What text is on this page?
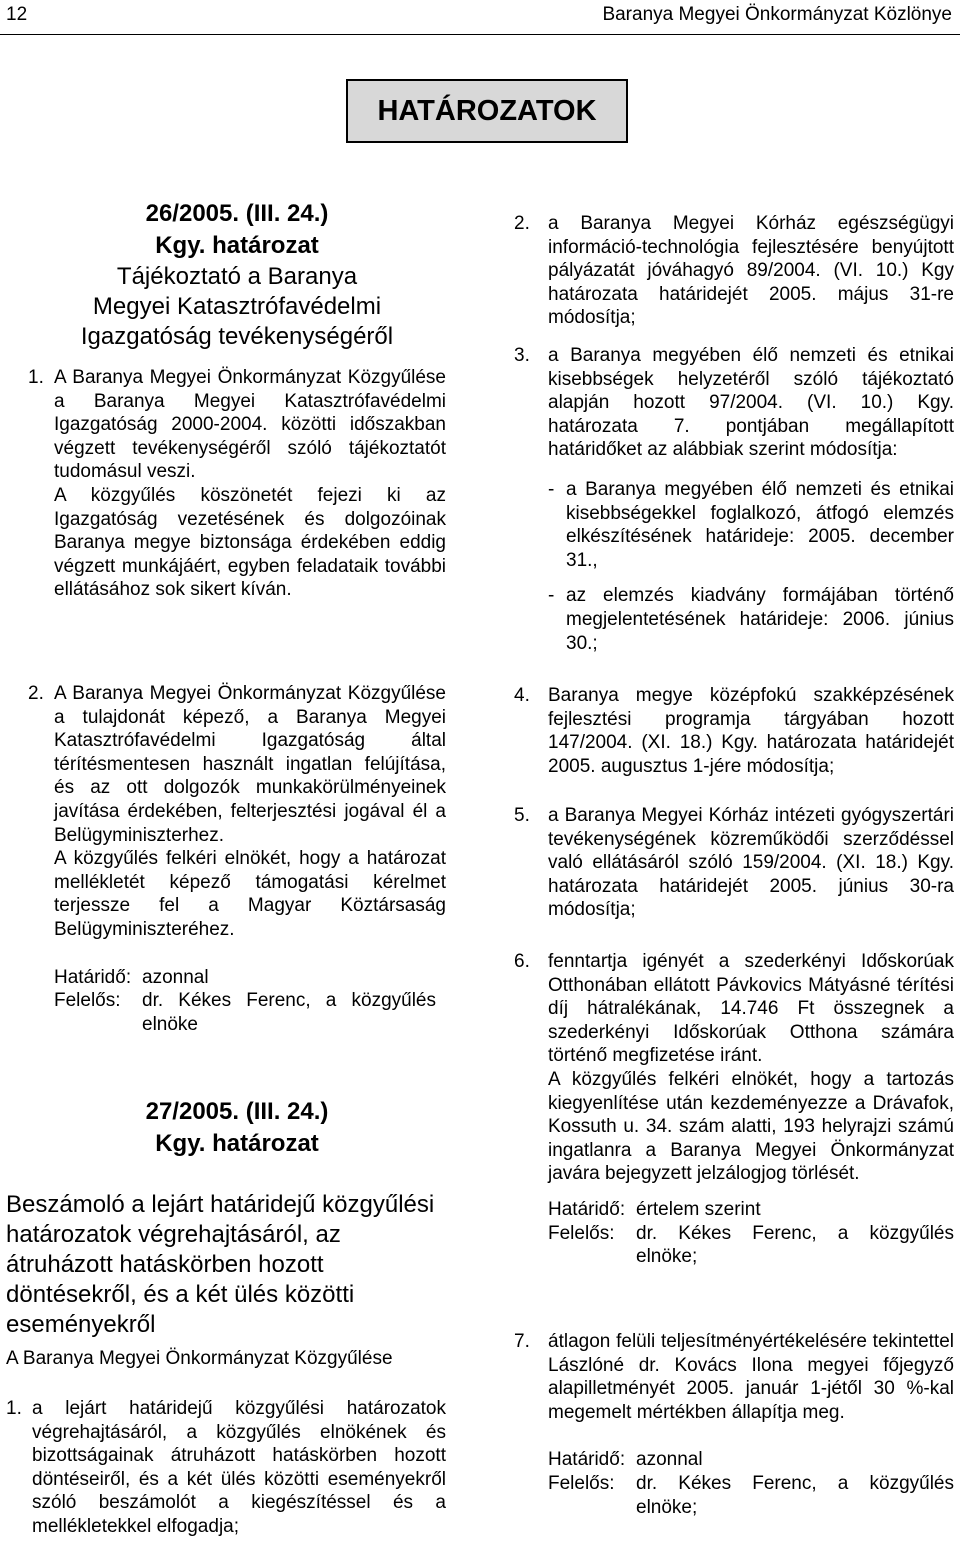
12	Baranya Megyei Önkormányzat Közlönye
HATÁROZATOK
26/2005. (III. 24.)
Kgy. határozat
Tájékoztató a Baranya Megyei Katasztrófavédelmi Igazgatóság tevékenységéről
1. A Baranya Megyei Önkormányzat Közgyűlése a Baranya Megyei Katasztrófavédelmi Igazgatóság 2000-2004. közötti időszakban végzett tevékenységéről szóló tájékoztatót tudomásul veszi.

A közgyűlés köszönetét fejezi ki az Igazgatóság vezetésének és dolgozóinak Baranya megye biztonsága érdekében eddig végzett munkájáért, egyben feladataik további ellátásához sok sikert kíván.

2. A Baranya Megyei Önkormányzat Közgyűlése a tulajdonát képező, a Baranya Megyei Katasztrófavédelmi Igazgatóság által térítésmentesen használt ingatlan felújítása, és az ott dolgozók munkakörülményeinek javítása érdekében, felterjesztési jogával él a Belügyminiszterhez.

A közgyűlés felkéri elnökét, hogy a határozat mellékletét képező támogatási kérelmet terjessze fel a Magyar Köztársaság Belügyminiszteréhez.

Határidő: azonnal
Felelős:	dr. Kékes Ferenc, a közgyűlés elnöke
27/2005. (III. 24.)
Kgy. határozat
Beszámoló a lejárt határidejű közgyűlési határozatok végrehajtásáról, az átruházott hatáskörben hozott döntésekről, és a két ülés közötti eseményekről
A Baranya Megyei Önkormányzat Közgyűlése
1. a lejárt határidejű közgyűlési határozatok végrehajtásáról, a közgyűlés elnökének és bizottságainak átruházott hatáskörben hozott döntéseiről, és a két ülés közötti eseményekről szóló beszámolót a kiegészítéssel és a mellékletekkel elfogadja;

2. a Baranya Megyei Kórház egészségügyi információ-technológia fejlesztésére benyújtott pályázatát jóváhagyó 89/2004. (VI. 10.) Kgy határozata határidejét 2005. május 31-re módosítja;

3. a Baranya megyében élő nemzeti és etnikai kisebbségek helyzetéről szóló tájékoztató alapján hozott 97/2004. (VI. 10.) Kgy. határozata 7. pontjában megállapított határidőket az alábbiak szerint módosítja:

- a Baranya megyében élő nemzeti és etnikai kisebbségekkel foglalkozó, átfogó elemzés elkészítésének határideje: 2005. december 31.,

- az elemzés kiadvány formájában történő megjelentetésének határideje: 2006. június 30.;

4. Baranya megye középfokú szakképzésének fejlesztési programja tárgyában hozott 147/2004. (XI. 18.) Kgy. határozata határidejét 2005. augusztus 1-jére módosítja;

5. a Baranya Megyei Kórház intézeti gyógyszertári tevékenységének közreműködői szerződéssel való ellátásáról szóló 159/2004. (XI. 18.) Kgy. határozata határidejét 2005. június 30-ra módosítja;

6. fenntartja igényét a szederkényi Időskorúak Otthonában ellátott Pávkovics Mátyásné térítési díj hátralékának, 14.746 Ft összegnek a szederkényi Időskorúak Otthona számára történő megfizetése iránt.

A közgyűlés felkéri elnökét, hogy a tartozás kiegyenlítése után kezdeményezze a Drávafok, Kossuth u. 34. szám alatti, 193 helyrajzi számú ingatlanra a Baranya Megyei Önkormányzat javára bejegyzett jelzálogjog törlését.

Határidő: értelem szerint
Felelős:	dr. Kékes Ferenc, a közgyűlés elnöke;
7. átlagon felüli teljesítményértékelésére tekintettel Lászlóné dr. Kovács Ilona megyei főjegyző alapilletményét 2005. január 1-jétől 30 %-kal megemelt mértékben állapítja meg.

Határidő: azonnal
Felelős:	dr. Kékes Ferenc, a közgyűlés elnöke;
